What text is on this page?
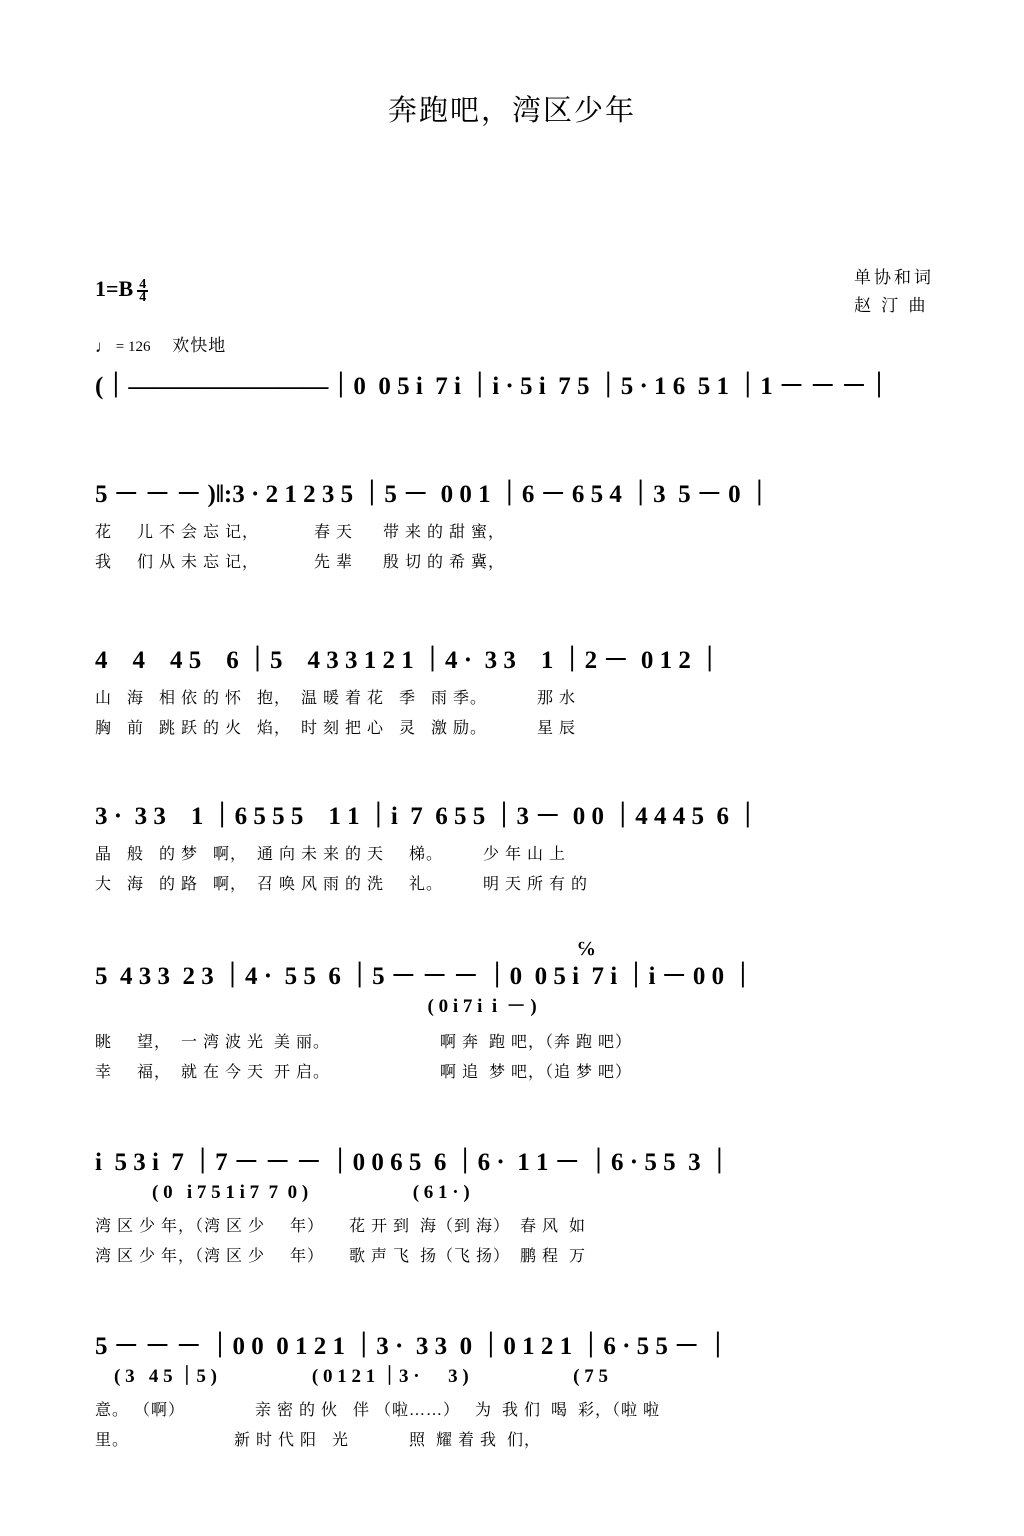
奔跑吧，湾区少年
单协和词
赵 汀 曲
$1=B \frac{4}{4}$
♩ = 126 欢快地
(｜————————｜0  0 5 i  7 i ｜i · 5 i  7 5 ｜5 · 1 6  5 1 ｜1 － － －｜
5 － － － )‖:3 · 2 1 2 3 5 ｜5 －  0 0 1 ｜6 － 6 5 4 ｜3  5 － 0 ｜
花     儿 不 会 忘 记，           春 天      带 来 的 甜 蜜，
我     们 从 未 忘 记，           先 辈      殷 切 的 希 冀，
4    4    4 5    6 ｜5    4 3 3 1 2 1 ｜4 ·  3 3    1 ｜2 －  0 1 2 ｜
山   海   相 依 的 怀   抱，  温 暖 着 花   季   雨 季。          那 水
胸   前   跳 跃 的 火   焰，  时 刻 把 心   灵   激 励。          星 辰
3 ·  3 3    1 ｜6 5 5 5    1 1 ｜i  7  6 5 5 ｜3 －  0 0 ｜4 4 4 5  6 ｜
晶   般   的 梦   啊，  通 向 未 来 的 天     梯。        少 年 山 上
大   海   的 路   啊，  召 唤 风 雨 的 洗     礼。        明 天 所 有 的
℅
5  4 3 3  2 3 ｜4 ·  5 5  6 ｜5 － － － ｜0  0 5 i  7 i ｜i － 0 0 ｜
( 0 i 7 i  i  － )
眺     望，  一 湾 波 光  美 丽。                      啊 奔  跑 吧，（奔 跑 吧）
幸     福，  就 在 今 天  开 启。                      啊 追  梦 吧，（追 梦 吧）
i  5 3 i  7 ｜7 － － － ｜0 0 6 5  6 ｜6 ·  1 1 － ｜6 · 5 5  3 ｜
( 0   i 7 5 1 i 7  7  0 )                      ( 6 1 · )
湾 区 少 年，（湾 区 少     年）     花 开 到  海（到 海）  春 风  如
湾 区 少 年，（湾 区 少     年）     歌 声 飞  扬（飞 扬）  鹏 程  万
5 － － － ｜0 0  0 1 2 1 ｜3 ·  3 3  0 ｜0 1 2 1 ｜6 · 5 5 － ｜
( 3   4 5 ｜5 )                    ( 0 1 2 1 ｜3 ·      3 )                      ( 7 5
意。 （啊）              亲 密 的 伙   伴 （啦……）   为  我 们  喝  彩，（啦 啦
里。                     新 时 代 阳   光            照  耀 着 我  们，
